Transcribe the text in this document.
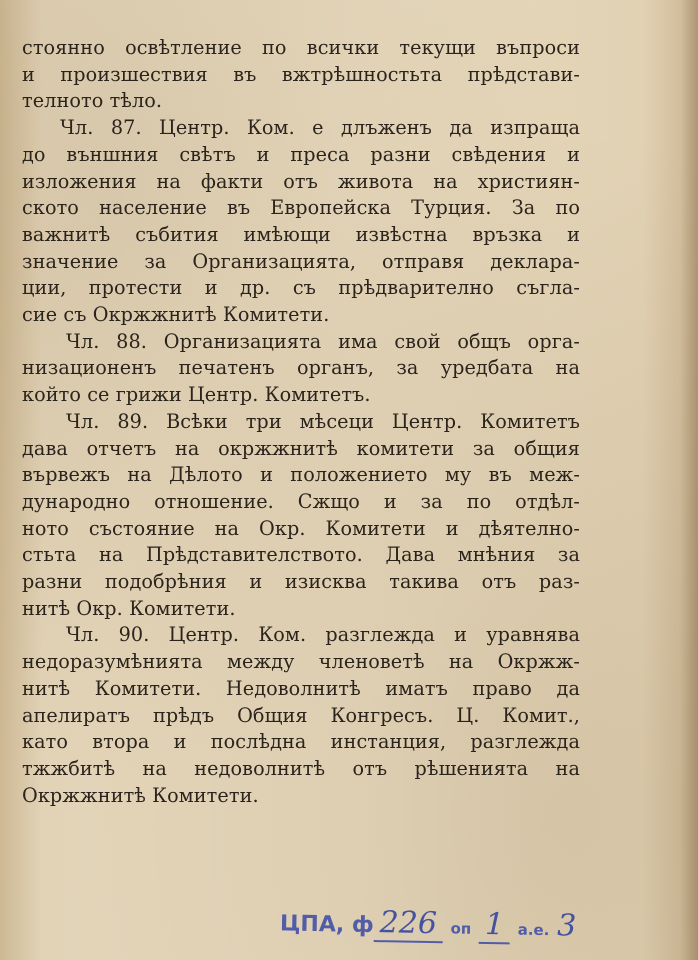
стоянно освѣтление по всички текущи въпроси
и произшествия въ вжтрѣшностьта прѣдстави-
телното тѣло.
Чл. 87. Центр. Ком. е длъженъ да изпраща
до външния свѣтъ и преса разни свѣдения и
изложения на факти отъ живота на християн-
ското население въ Европейска Турция. За по
важнитѣ събития имѣющи извѣстна връзка и
значение за Организацията, отправя деклара-
ции, протести и др. съ прѣдварително съгла-
сие съ Окржжнитѣ Комитети.
Чл. 88. Организацията има свой общъ орга-
низационенъ печатенъ органъ, за уредбата на
който се грижи Центр. Комитетъ.
Чл. 89. Всѣки три мѣсеци Центр. Комитетъ
дава отчетъ на окржжнитѣ комитети за общия
вървежъ на Дѣлото и положението му въ меж-
дународно отношение. Сжщо и за по отдѣл-
ното състояние на Окр. Комитети и дѣятелно-
стьта на Прѣдставителството. Дава мнѣния за
разни подобрѣния и изисква такива отъ раз-
нитѣ Окр. Комитети.
Чл. 90. Центр. Ком. разглежда и уравнява
недоразумѣнията между членоветѣ на Окржж-
нитѣ Комитети. Недоволнитѣ иматъ право да
апелиратъ прѣдъ Общия Конгресъ. Ц. Комит.,
като втора и послѣдна инстанция, разглежда
тжжбитѣ на недоволнитѣ отъ рѣшенията на
Окржжнитѣ Комитети.
ЦПА, ф 226 оп 1 а.е. 3
